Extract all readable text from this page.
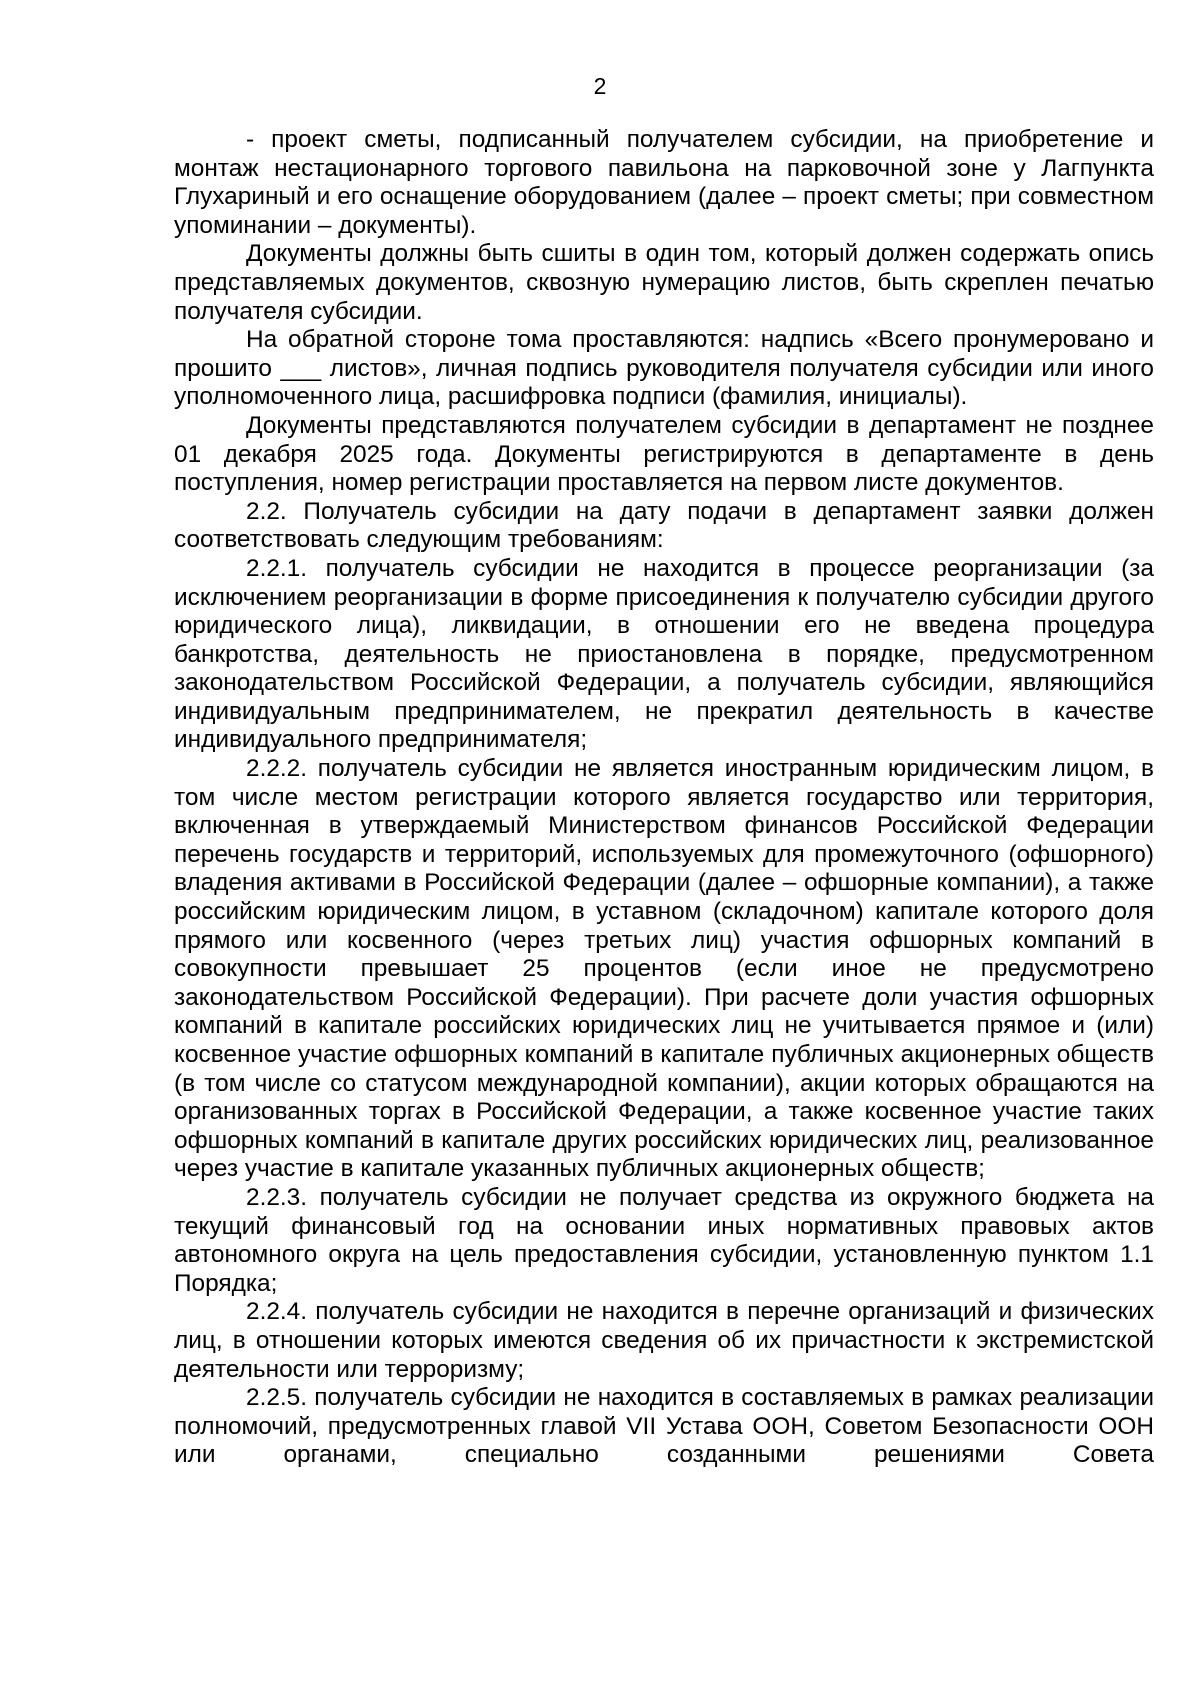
2

- проект сметы, подписанный получателем субсидии, на приобретение и монтаж нестационарного торгового павильона на парковочной зоне у Лагпункта Глухариный и его оснащение оборудованием (далее – проект сметы; при совместном упоминании – документы).

Документы должны быть сшиты в один том, который должен содержать опись представляемых документов, сквозную нумерацию листов, быть скреплен печатью получателя субсидии.

На обратной стороне тома проставляются: надпись «Всего пронумеровано и прошито ___ листов», личная подпись руководителя получателя субсидии или иного уполномоченного лица, расшифровка подписи (фамилия, инициалы).

Документы представляются получателем субсидии в департамент не позднее 01 декабря 2025 года. Документы регистрируются в департаменте в день поступления, номер регистрации проставляется на первом листе документов.

2.2. Получатель субсидии на дату подачи в департамент заявки должен соответствовать следующим требованиям:

2.2.1. получатель субсидии не находится в процессе реорганизации (за исключением реорганизации в форме присоединения к получателю субсидии другого юридического лица), ликвидации, в отношении его не введена процедура банкротства, деятельность не приостановлена в порядке, предусмотренном законодательством Российской Федерации, а получатель субсидии, являющийся индивидуальным предпринимателем, не прекратил деятельность в качестве индивидуального предпринимателя;

2.2.2. получатель субсидии не является иностранным юридическим лицом, в том числе местом регистрации которого является государство или территория, включенная в утверждаемый Министерством финансов Российской Федерации перечень государств и территорий, используемых для промежуточного (офшорного) владения активами в Российской Федерации (далее – офшорные компании), а также российским юридическим лицом, в уставном (складочном) капитале которого доля прямого или косвенного (через третьих лиц) участия офшорных компаний в совокупности превышает 25 процентов (если иное не предусмотрено законодательством Российской Федерации). При расчете доли участия офшорных компаний в капитале российских юридических лиц не учитывается прямое и (или) косвенное участие офшорных компаний в капитале публичных акционерных обществ (в том числе со статусом международной компании), акции которых обращаются на организованных торгах в Российской Федерации, а также косвенное участие таких офшорных компаний в капитале других российских юридических лиц, реализованное через участие в капитале указанных публичных акционерных обществ;

2.2.3. получатель субсидии не получает средства из окружного бюджета на текущий финансовый год на основании иных нормативных правовых актов автономного округа на цель предоставления субсидии, установленную пунктом 1.1 Порядка;

2.2.4. получатель субсидии не находится в перечне организаций и физических лиц, в отношении которых имеются сведения об их причастности к экстремистской деятельности или терроризму;

2.2.5. получатель субсидии не находится в составляемых в рамках реализации полномочий, предусмотренных главой VII Устава ООН, Советом Безопасности ООН или органами, специально созданными решениями Совета
